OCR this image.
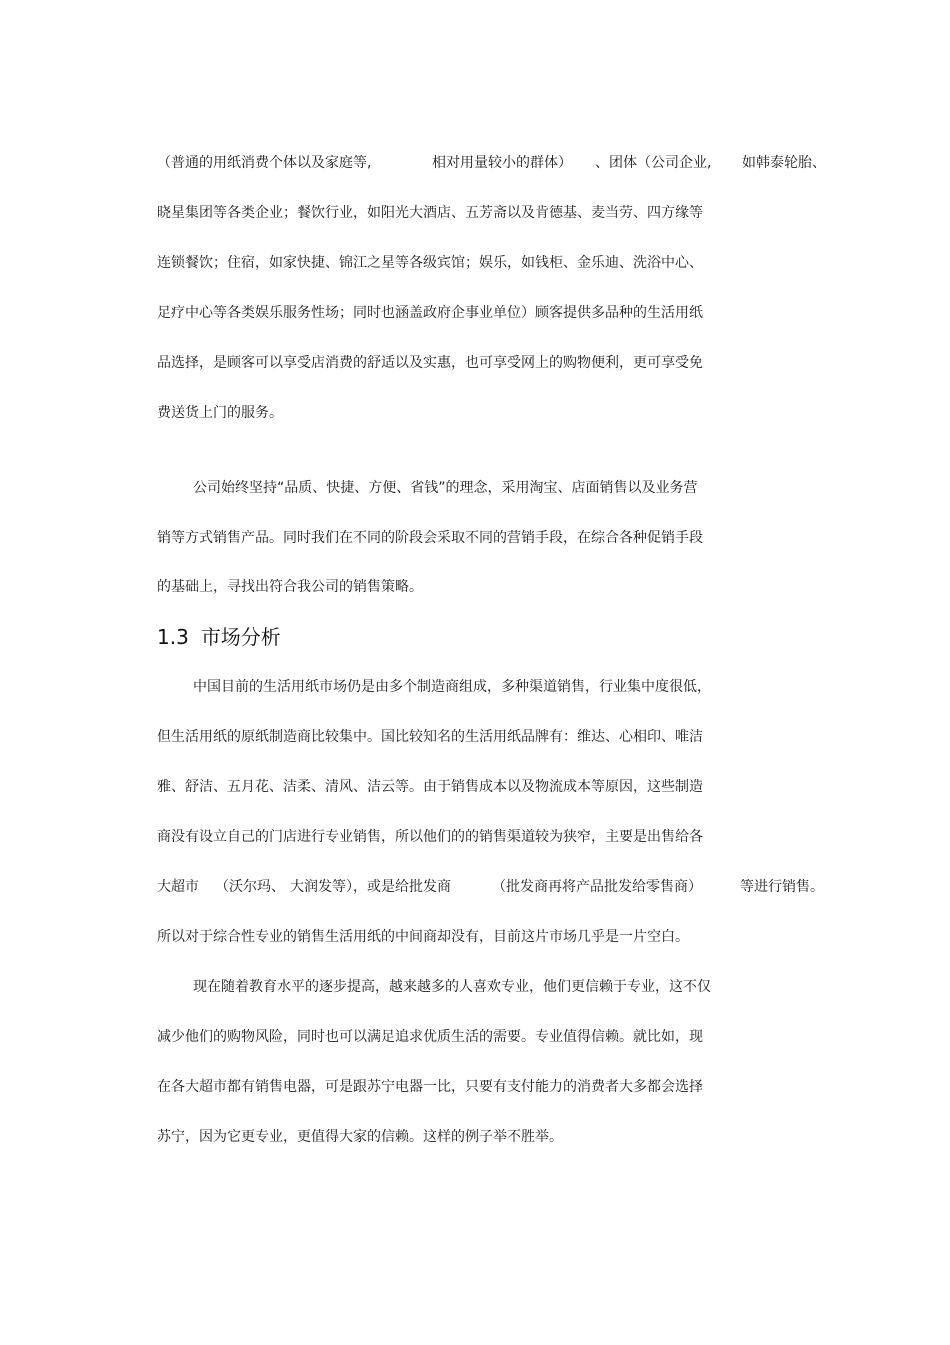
（普通的用纸消费个体以及家庭等,	相对用量较小的群体） 、团体（公司企业, 如韩泰轮胎、
晓星集团等各类企业；餐饮行业，如阳光大酒店、五芳斋以及肯德基、麦当劳、四方缘等
连锁餐饮；住宿，如家快捷、锦江之星等各级宾馆；娱乐，如钱柜、金乐迪、洗浴中心、
足疗中心等各类娱乐服务性场；同时也涵盖政府企事业单位）顾客提供多品种的生活用纸
品选择，是顾客可以享受店消费的舒适以及实惠，也可享受网上的购物便利，更可享受免
费送货上门的服务。
公司始终坚持“品质、快捷、方便、省钱”的理念，采用淘宝、店面销售以及业务营
销等方式销售产品。同时我们在不同的阶段会采取不同的营销手段，在综合各种促销手段
的基础上，寻找出符合我公司的销售策略。
1.3 市场分析
中国目前的生活用纸市场仍是由多个制造商组成，多种渠道销售，行业集中度很低，
但生活用纸的原纸制造商比较集中。国比较知名的生活用纸品牌有：维达、心相印、唯洁
雅、舒洁、五月花、洁柔、清风、洁云等。由于销售成本以及物流成本等原因，这些制造
商没有设立自己的门店进行专业销售，所以他们的的销售渠道较为狭窄，主要是出售给各
大超市 （沃尔玛、 大润发等），或是给批发商	（批发商再将产品批发给零售商）	等进行销售。
所以对于综合性专业的销售生活用纸的中间商却没有，目前这片市场几乎是一片空白。
现在随着教育水平的逐步提高，越来越多的人喜欢专业，他们更信赖于专业，这不仅
减少他们的购物风险，同时也可以满足追求优质生活的需要。专业值得信赖。就比如，现
在各大超市都有销售电器，可是跟苏宁电器一比，只要有支付能力的消费者大多都会选择
苏宁，因为它更专业，更值得大家的信赖。这样的例子举不胜举。
